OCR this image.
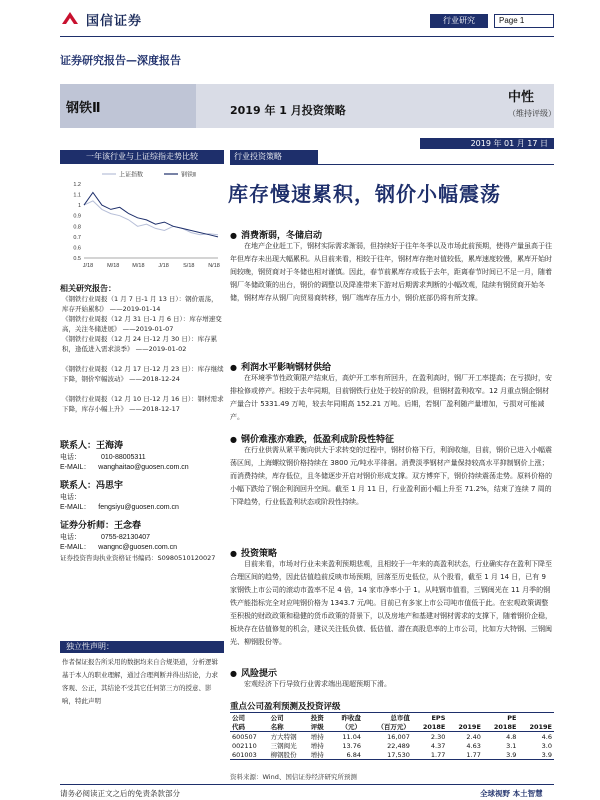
国信证券	行业研究	Page 1
证券研究报告—深度报告
钢铁Ⅱ	2019 年 1 月投资策略
中性
（维持评级）
2019 年 01 月 17 日
一年该行业与上证综指走势比较
上证指数	钢铁Ⅱ
1.2
1.1
1
0.9
0.8
0.7
0.6
0.5
J/18	M/18 M/18	J/18	S/18 N/18
相关研究报告：
《钢铁行业周报（1 月 7 日-1 月 13 日）：钢价震荡，库存开始累积》 ——2019-01-14
《钢铁行业周报（12 月 31 日-1 月 6 日）：库存增速变高，关注冬储进展》 ——2019-01-07
《钢铁行业周报（12 月 24 日-12 月 30 日）：库存累积，逢低进入需求淡季》 ——2019-01-02
《钢铁行业周报（12 月 17 日-12 月 23 日）：库存继续下降，钢价窄幅波动》 ——2018-12-24
《钢铁行业周报（12 月 10 日-12 月 16 日）：钢材需求下降，库存小幅上升》 ——2018-12-17
联系人：王海涛
电话：	010-88005311
E-MAIL： wanghaitao@guosen.com.cn
联系人：冯思宇
电话：
E-MAIL： fengsiyu@guosen.com.cn
证券分析师：王念春
电话：	0755-82130407
E-MAIL： wangnc@guosen.com.cn
证券投资咨询执业资格证书编码：S0980510120027
独立性声明：
作者保证报告所采用的数据均来自合规渠道，分析逻辑基于本人的职业理解，通过合理判断并得出结论，力求客观、公正，其结论不受其它任何第三方的授意、影响，特此声明
行业投资策略
库存慢速累积，钢价小幅震荡
● 消费渐弱，冬储启动
在地产企业赶工下，钢材实际需求渐弱，但持续好于往年冬季以及市场此前预期，使得产量虽高于往年但库存未出现大幅累积。从目前来看，相较于往年，钢材库存绝对值较低，累库速度较慢，累库开始时间较晚，钢贸商对于冬储也相对谨慎。因此，春节前累库存或低于去年，距离春节时间已不足一月，随着钢厂冬储政策的出台，钢价的调整以及降准带来下游对后期需求判断的小幅改观，陆续有钢贸商开始冬储，钢材库存从钢厂向贸易商转移，钢厂端库存压力小，钢价底部仍将有所支撑。
● 利润水平影响钢材供给
在环境季节性政策限产结束后，高炉开工率有所回升，在盈利高时，钢厂开工率提高；在亏损时，安排检修或停产。相较于去年同期，目前钢铁行业处于较好的阶段，但钢材盈利收窄。12 月重点钢企钢材产量合计 5331.49 万吨，较去年同期高 152.21 万吨。后期，若钢厂盈利随产量增加，亏损对可能减产。
● 钢价难涨亦难跌，低盈利成阶段性特征
在行业供需从紧平衡向供大于求转变的过程中，钢材价格下行，利润收缩，目前，钢价已进入小幅震荡区间，上海螺纹钢价格持续在 3800 元/吨水平徘徊。消费淡季钢材产量保持较高水平抑制钢价上涨；而消费持续，库存低位，且冬储逐步开启对钢价形成支撑。双方博弈下，钢价持续震荡走势。原料价格的小幅下跌给了钢企利润回升空间。截至 1 月 11 日，行业盈利面小幅上升至 71.2%，结束了连续 7 周的下降趋势，行业低盈利状态或阶段性持续。
● 投资策略
目前来看，市场对行业未来盈利预期悲观，且相较于一年来的高盈利状态，行业确实存在盈利下降至合理区间的趋势，因此估值趋前反映市场预期，回落至历史低位，从个股看，截至 1 月 14 日，已有 9 家钢铁上市公司的滚动市盈率不足 4 倍，14 家市净率小于 1。从吨钢市值看，三钢闽光在 11 月季的钢铁产能指标完全对应吨钢价格为 1343.7 元/吨。目前已有多家上市公司吨市值低于此。在宏观政策调整至积极的财政政策和稳健的货币政策的背景下，以及房地产和基建对钢材需求的支撑下，随着钢价企稳，板块存在估值修复的机会，建议关注低负债、低估值、潜在高股息率的上市公司，比如方大特钢、三钢闽光、柳钢股份等。
● 风险提示
宏观经济下行导致行业需求端出现超预期下滑。
重点公司盈利预测及投资评级
公司	公司	投资	昨收盘	总市值	EPS		PE	
代码	名称	评级	（元）	（百万元）	2018E	2019E	2018E	2019E
600507	方大特钢	增持	11.04	16,007	2.30	2.40	4.8	4.6
002110	三钢闽光	增持	13.76	22,489	4.37	4.63	3.1	3.0
601003	柳钢股份	增持	6.84	17,530	1.77	1.77	3.9	3.9
资料来源：Wind、国信证券经济研究所预测
请务必阅读正文之后的免责条款部分	全球视野 本土智慧
